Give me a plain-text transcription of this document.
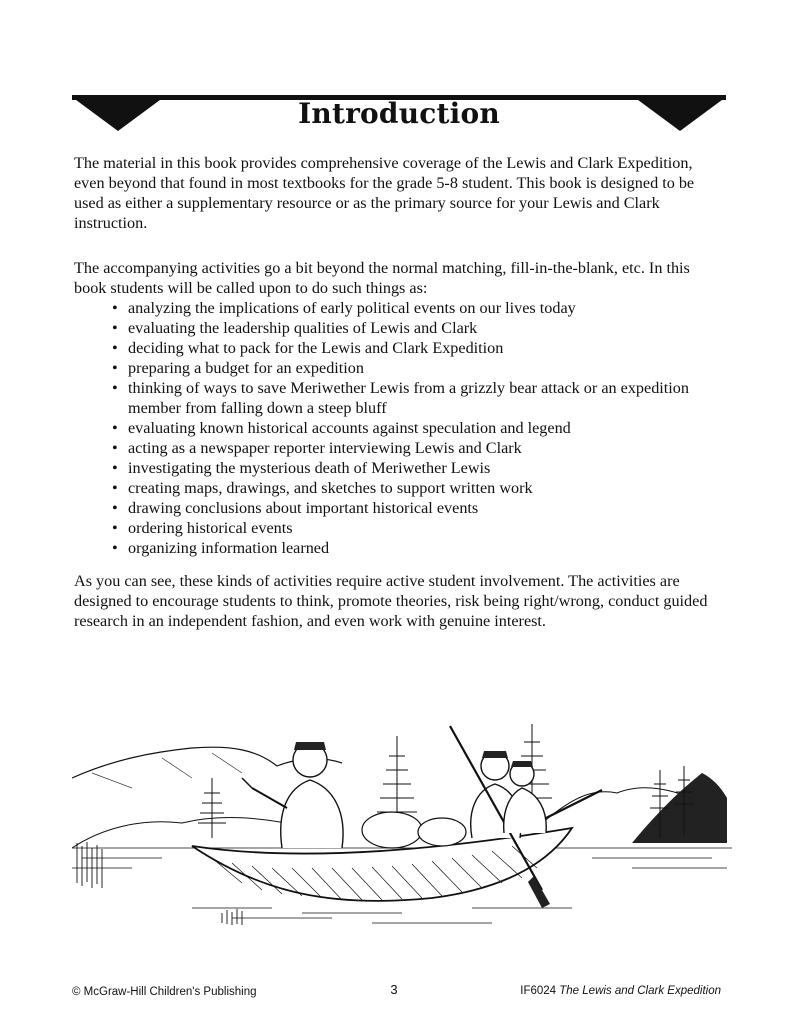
Introduction
The material in this book provides comprehensive coverage of the Lewis and Clark Expedition, even beyond that found in most textbooks for the grade 5-8 student. This book is designed to be used as either a supplementary resource or as the primary source for your Lewis and Clark instruction.
The accompanying activities go a bit beyond the normal matching, fill-in-the-blank, etc. In this book students will be called upon to do such things as:
• analyzing the implications of early political events on our lives today
• evaluating the leadership qualities of Lewis and Clark
• deciding what to pack for the Lewis and Clark Expedition
• preparing a budget for an expedition
• thinking of ways to save Meriwether Lewis from a grizzly bear attack or an expedition member from falling down a steep bluff
• evaluating known historical accounts against speculation and legend
• acting as a newspaper reporter interviewing Lewis and Clark
• investigating the mysterious death of Meriwether Lewis
• creating maps, drawings, and sketches to support written work
• drawing conclusions about important historical events
• ordering historical events
• organizing information learned
As you can see, these kinds of activities require active student involvement. The activities are designed to encourage students to think, promote theories, risk being right/wrong, conduct guided research in an independent fashion, and even work with genuine interest.
© McGraw-Hill Children's Publishing	3	IF6024 The Lewis and Clark Expedition
